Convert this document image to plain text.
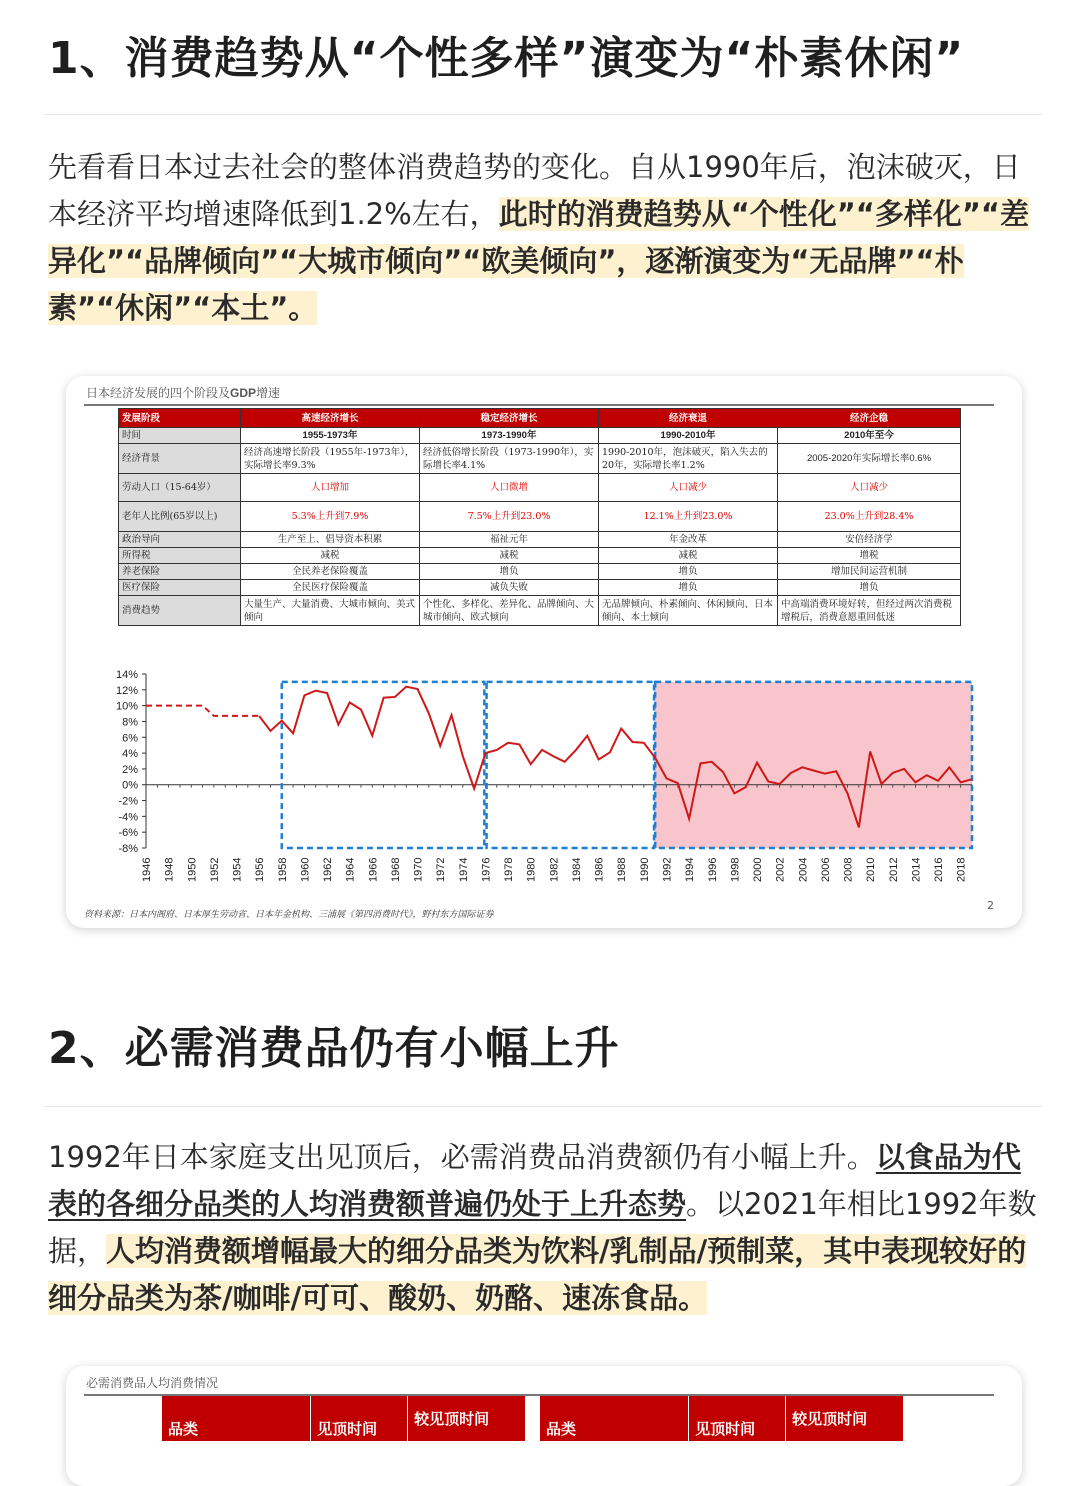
1、消费趋势从“个性多样”演变为“朴素休闲”
先看看日本过去社会的整体消费趋势的变化。自从1990年后，泡沫破灭，日本经济平均增速降低到1.2%左右，此时的消费趋势从“个性化”“多样化”“差异化”“品牌倾向”“大城市倾向”“欧美倾向”，逐渐演变为“无品牌”“朴素”“休闲”“本土”。
日本经济发展的四个阶段及GDP增速
发展阶段	高速经济增长	稳定经济增长	经济衰退	经济企稳
时间	1955-1973年	1973-1990年	1990-2010年	2010年至今
经济背景	经济高速增长阶段（1955年-1973年），实际增长率9.3%	经济低俗增长阶段（1973-1990年），实际增长率4.1%	1990-2010年，泡沫破灭，陷入失去的20年，实际增长率1.2%	2005-2020年实际增长率0.6%
劳动人口（15-64岁）	人口增加	人口微增	人口减少	人口减少
老年人比例(65岁以上)	5.3%上升到7.9%	7.5%上升到23.0%	12.1%上升到23.0%	23.0%上升到28.4%
政治导向	生产至上、倡导资本积累	福祉元年	年金改革	安倍经济学
所得税	减税	减税	减税	增税
养老保险	全民养老保险覆盖	增负	增负	增加民间运营机制
医疗保险	全民医疗保险覆盖	减负失败	增负	增负
消费趋势	大量生产、大量消费、大城市倾向、美式倾向	个性化、多样化、差异化、品牌倾向、大城市倾向、欧式倾向	无品牌倾向、朴素倾向、休闲倾向、日本倾向、本土倾向	中高端消费环境好转，但经过两次消费税增税后，消费意愿重回低迷
14%
12%
10%
8%
6%
4%
2%
0%
-2%
-4%
-6%
-8%
1946 1948 1950 1952 1954 1956 1958 1960 1962 1964 1966 1968 1970 1972 1974 1976 1978 1980 1982 1984 1986 1988 1990 1992 1994 1996 1998 2000 2002 2004 2006 2008 2010 2012 2014 2016 2018
资料来源：日本内阁府、日本厚生劳动省、日本年金机构、三浦展《第四消费时代》，野村东方国际证券
2
2、必需消费品仍有小幅上升
1992年日本家庭支出见顶后，必需消费品消费额仍有小幅上升。以食品为代表的各细分品类的人均消费额普遍仍处于上升态势。以2021年相比1992年数据，人均消费额增幅最大的细分品类为饮料/乳制品/预制菜，其中表现较好的细分品类为茶/咖啡/可可、酸奶、奶酪、速冻食品。
必需消费品人均消费情况
品类	见顶时间	较见顶时间
品类	见顶时间	较见顶时间
